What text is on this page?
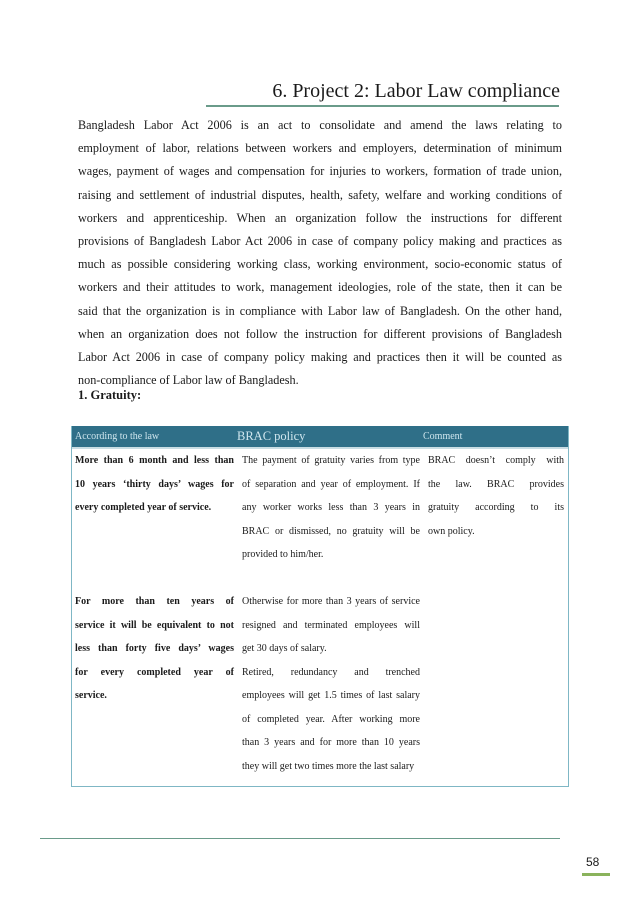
6. Project 2: Labor Law compliance
Bangladesh Labor Act 2006 is an act to consolidate and amend the laws relating to
employment of labor, relations between workers and employers, determination of minimum
wages, payment of wages and compensation for injuries to workers, formation of trade union,
raising and settlement of industrial disputes, health, safety, welfare and working conditions of
workers and apprenticeship. When an organization follow the instructions for different
provisions of Bangladesh Labor Act 2006 in case of company policy making and practices as
much as possible considering working class, working environment, socio-economic status of
workers and their attitudes to work, management ideologies, role of the state, then it can be
said that the organization is in compliance with Labor law of Bangladesh. On the other hand,
when an organization does not follow the instruction for different provisions of Bangladesh
Labor Act 2006 in case of company policy making and practices then it will be counted as
non-compliance of Labor law of Bangladesh.
1. Gratuity:
According to the law	BRAC policy	Comment
More than 6 month and less than
10 years ‘thirty days’ wages for
every completed year of service.
For more than ten years of
service it will be equivalent to not
less than forty five days’ wages
for every completed year of
service.
The payment of gratuity varies from type
of separation and year of employment. If
any worker works less than 3 years in
BRAC or dismissed, no gratuity will be
provided to him/her.
Otherwise for more than 3 years of service
resigned and terminated employees will
get 30 days of salary.
Retired, redundancy and trenched
employees will get 1.5 times of last salary
of completed year. After working more
than 3 years and for more than 10 years
they will get two times more the last salary
BRAC doesn’t comply with
the law. BRAC provides
gratuity according to its
own policy.
58
